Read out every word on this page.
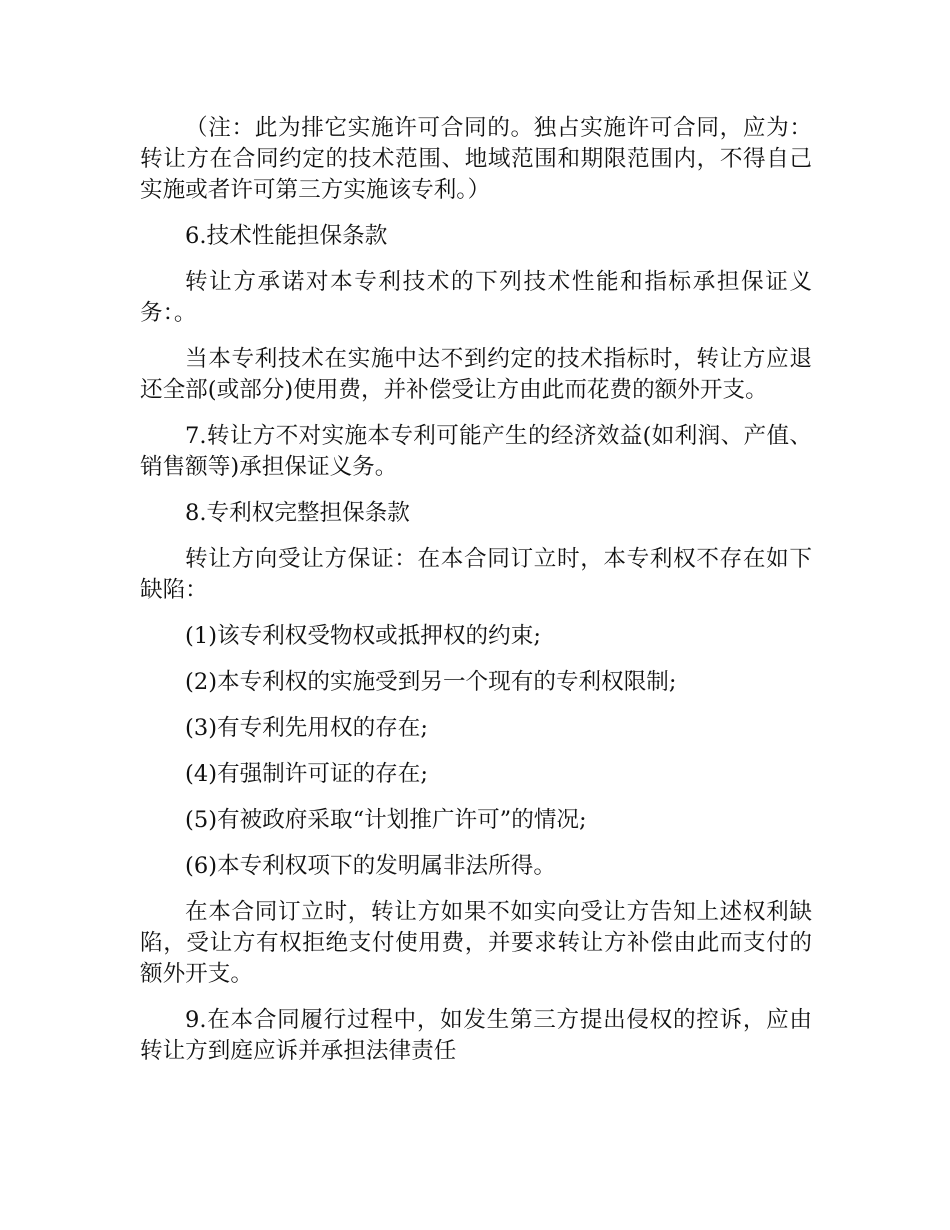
（注：此为排它实施许可合同的。独占实施许可合同，应为：转让方在合同约定的技术范围、地域范围和期限范围内，不得自己实施或者许可第三方实施该专利。）

6.技术性能担保条款

转让方承诺对本专利技术的下列技术性能和指标承担保证义务：。

当本专利技术在实施中达不到约定的技术指标时，转让方应退还全部(或部分)使用费，并补偿受让方由此而花费的额外开支。

7.转让方不对实施本专利可能产生的经济效益(如利润、产值、销售额等)承担保证义务。

8.专利权完整担保条款

转让方向受让方保证：在本合同订立时，本专利权不存在如下缺陷：

(1)该专利权受物权或抵押权的约束;

(2)本专利权的实施受到另一个现有的专利权限制;

(3)有专利先用权的存在;

(4)有强制许可证的存在;

(5)有被政府采取“计划推广许可”的情况;

(6)本专利权项下的发明属非法所得。

在本合同订立时，转让方如果不如实向受让方告知上述权利缺陷，受让方有权拒绝支付使用费，并要求转让方补偿由此而支付的额外开支。

9.在本合同履行过程中，如发生第三方提出侵权的控诉，应由转让方到庭应诉并承担法律责任
